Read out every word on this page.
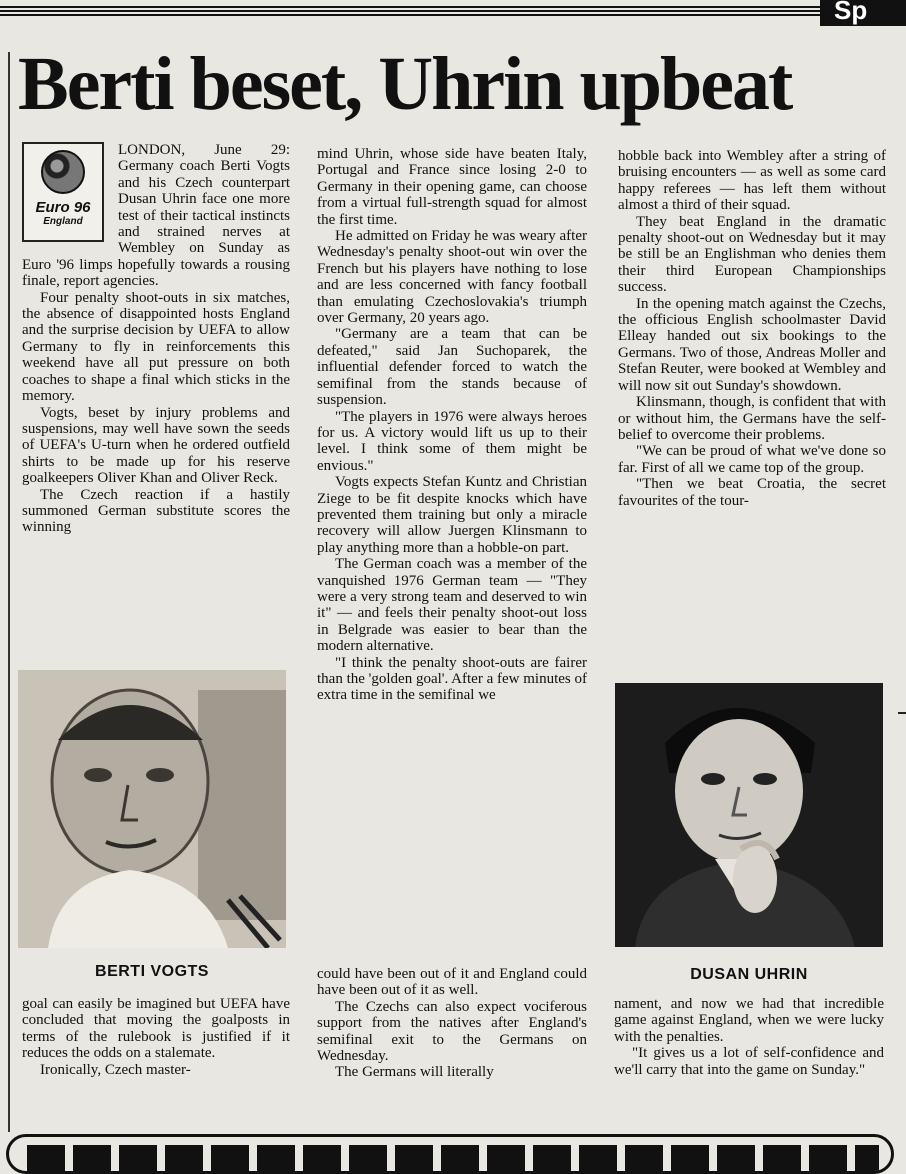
Sp
Berti beset, Uhrin upbeat
Euro 96
England

LONDON, June 29: Germany coach Berti Vogts and his Czech counterpart Dusan Uhrin face one more test of their tactical instincts and strained nerves at Wembley on Sunday as Euro '96 limps hopefully towards a rousing finale, report agencies.

Four penalty shoot-outs in six matches, the absence of disappointed hosts England and the surprise decision by UEFA to allow Germany to fly in reinforcements this weekend have all put pressure on both coaches to shape a final which sticks in the memory.

Vogts, beset by injury problems and suspensions, may well have sown the seeds of UEFA's U-turn when he ordered outfield shirts to be made up for his reserve goalkeepers Oliver Khan and Oliver Reck.

The Czech reaction if a hastily summoned German substitute scores the winning

BERTI VOGTS

goal can easily be imagined but UEFA have concluded that moving the goalposts in terms of the rulebook is justified if it reduces the odds on a stalemate.

Ironically, Czech master-

mind Uhrin, whose side have beaten Italy, Portugal and France since losing 2-0 to Germany in their opening game, can choose from a virtual full-strength squad for almost the first time.

He admitted on Friday he was weary after Wednesday's penalty shoot-out win over the French but his players have nothing to lose and are less concerned with fancy football than emulating Czechoslovakia's triumph over Germany, 20 years ago.

"Germany are a team that can be defeated," said Jan Suchoparek, the influential defender forced to watch the semifinal from the stands because of suspension.

"The players in 1976 were always heroes for us. A victory would lift us up to their level. I think some of them might be envious."

Vogts expects Stefan Kuntz and Christian Ziege to be fit despite knocks which have prevented them training but only a miracle recovery will allow Juergen Klinsmann to play anything more than a hobble-on part.

The German coach was a member of the vanquished 1976 German team — "They were a very strong team and deserved to win it" — and feels their penalty shoot-out loss in Belgrade was easier to bear than the modern alternative.

"I think the penalty shoot-outs are fairer than the 'golden goal'. After a few minutes of extra time in the semifinal we

could have been out of it and England could have been out of it as well.

The Czechs can also expect vociferous support from the natives after England's semifinal exit to the Germans on Wednesday.

The Germans will literally

hobble back into Wembley after a string of bruising encounters — as well as some card happy referees — has left them without almost a third of their squad.

They beat England in the dramatic penalty shoot-out on Wednesday but it may be still be an Englishman who denies them their third European Championships success.

In the opening match against the Czechs, the officious English schoolmaster David Elleay handed out six bookings to the Germans. Two of those, Andreas Moller and Stefan Reuter, were booked at Wembley and will now sit out Sunday's showdown.

Klinsmann, though, is confident that with or without him, the Germans have the self-belief to overcome their problems.

"We can be proud of what we've done so far. First of all we came top of the group.

"Then we beat Croatia, the secret favourites of the tour-

DUSAN UHRIN

nament, and now we had that incredible game against England, when we were lucky with the penalties.

"It gives us a lot of self-confidence and we'll carry that into the game on Sunday."
